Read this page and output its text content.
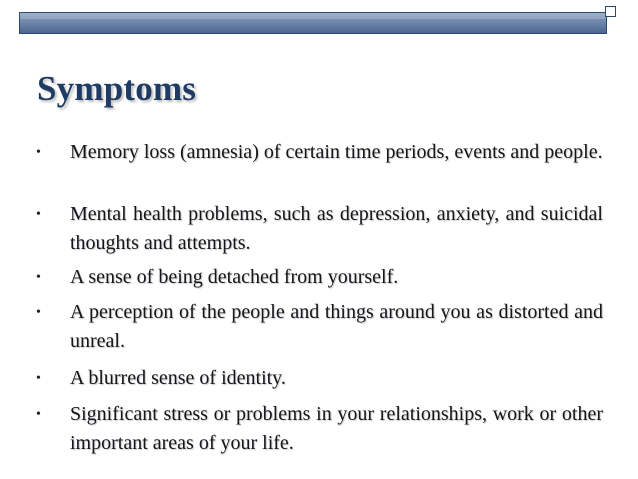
Symptoms
• Memory loss (amnesia) of certain time periods, events and people.
• Mental health problems, such as depression, anxiety, and suicidal thoughts and attempts.
• A sense of being detached from yourself.
• A perception of the people and things around you as distorted and unreal.
• A blurred sense of identity.
• Significant stress or problems in your relationships, work or other important areas of your life.
